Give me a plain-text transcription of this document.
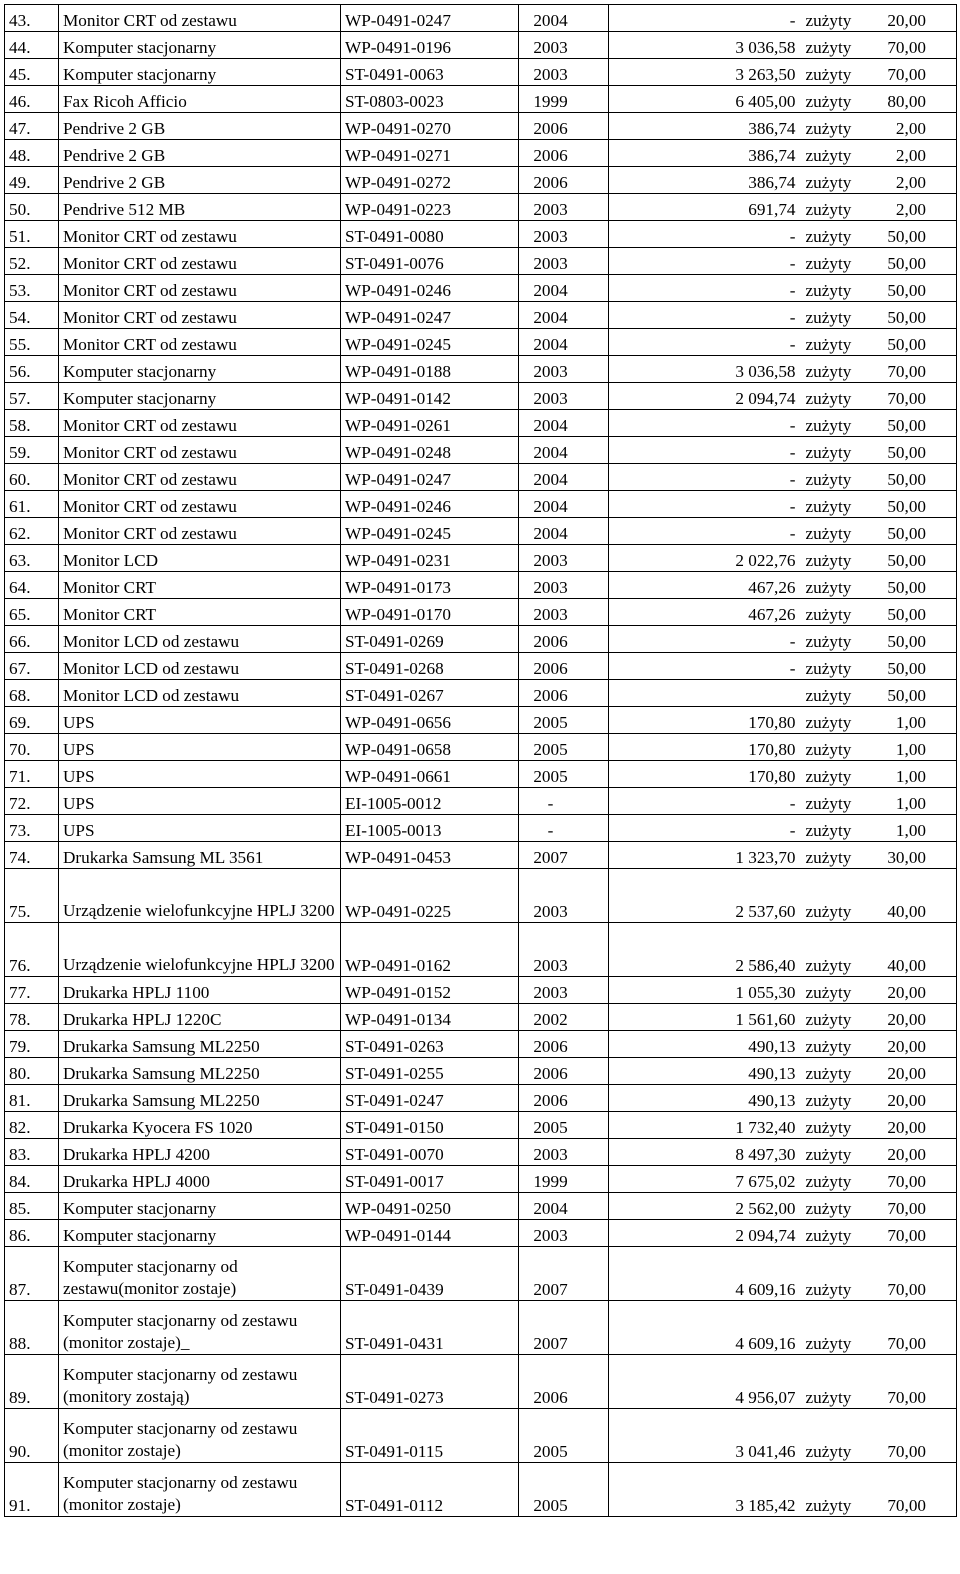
43.	Monitor CRT od zestawu	WP-0491-0247	2004	-	zużyty	20,00
44.	Komputer stacjonarny	WP-0491-0196	2003	3 036,58	zużyty	70,00
45.	Komputer stacjonarny	ST-0491-0063	2003	3 263,50	zużyty	70,00
46.	Fax Ricoh Afficio	ST-0803-0023	1999	6 405,00	zużyty	80,00
47.	Pendrive 2 GB	WP-0491-0270	2006	386,74	zużyty	2,00
48.	Pendrive 2 GB	WP-0491-0271	2006	386,74	zużyty	2,00
49.	Pendrive 2 GB	WP-0491-0272	2006	386,74	zużyty	2,00
50.	Pendrive 512 MB	WP-0491-0223	2003	691,74	zużyty	2,00
51.	Monitor CRT od zestawu	ST-0491-0080	2003	-	zużyty	50,00
52.	Monitor CRT od zestawu	ST-0491-0076	2003	-	zużyty	50,00
53.	Monitor CRT od zestawu	WP-0491-0246	2004	-	zużyty	50,00
54.	Monitor CRT od zestawu	WP-0491-0247	2004	-	zużyty	50,00
55.	Monitor CRT od zestawu	WP-0491-0245	2004	-	zużyty	50,00
56.	Komputer stacjonarny	WP-0491-0188	2003	3 036,58	zużyty	70,00
57.	Komputer stacjonarny	WP-0491-0142	2003	2 094,74	zużyty	70,00
58.	Monitor CRT od zestawu	WP-0491-0261	2004	-	zużyty	50,00
59.	Monitor CRT od zestawu	WP-0491-0248	2004	-	zużyty	50,00
60.	Monitor CRT od zestawu	WP-0491-0247	2004	-	zużyty	50,00
61.	Monitor CRT od zestawu	WP-0491-0246	2004	-	zużyty	50,00
62.	Monitor CRT od zestawu	WP-0491-0245	2004	-	zużyty	50,00
63.	Monitor LCD	WP-0491-0231	2003	2 022,76	zużyty	50,00
64.	Monitor CRT	WP-0491-0173	2003	467,26	zużyty	50,00
65.	Monitor CRT	WP-0491-0170	2003	467,26	zużyty	50,00
66.	Monitor LCD od zestawu	ST-0491-0269	2006	-	zużyty	50,00
67.	Monitor LCD od zestawu	ST-0491-0268	2006	-	zużyty	50,00
68.	Monitor LCD od zestawu	ST-0491-0267	2006		zużyty	50,00
69.	UPS	WP-0491-0656	2005	170,80	zużyty	1,00
70.	UPS	WP-0491-0658	2005	170,80	zużyty	1,00
71.	UPS	WP-0491-0661	2005	170,80	zużyty	1,00
72.	UPS	EI-1005-0012	-	-	zużyty	1,00
73.	UPS	EI-1005-0013	-	-	zużyty	1,00
74.	Drukarka Samsung ML 3561	WP-0491-0453	2007	1 323,70	zużyty	30,00
75.	Urządzenie wielofunkcyjne HPLJ 3200	WP-0491-0225	2003	2 537,60	zużyty	40,00
76.	Urządzenie wielofunkcyjne HPLJ 3200	WP-0491-0162	2003	2 586,40	zużyty	40,00
77.	Drukarka HPLJ 1100	WP-0491-0152	2003	1 055,30	zużyty	20,00
78.	Drukarka HPLJ 1220C	WP-0491-0134	2002	1 561,60	zużyty	20,00
79.	Drukarka Samsung ML2250	ST-0491-0263	2006	490,13	zużyty	20,00
80.	Drukarka Samsung ML2250	ST-0491-0255	2006	490,13	zużyty	20,00
81.	Drukarka Samsung ML2250	ST-0491-0247	2006	490,13	zużyty	20,00
82.	Drukarka Kyocera FS 1020	ST-0491-0150	2005	1 732,40	zużyty	20,00
83.	Drukarka HPLJ 4200	ST-0491-0070	2003	8 497,30	zużyty	20,00
84.	Drukarka HPLJ 4000	ST-0491-0017	1999	7 675,02	zużyty	70,00
85.	Komputer stacjonarny	WP-0491-0250	2004	2 562,00	zużyty	70,00
86.	Komputer stacjonarny	WP-0491-0144	2003	2 094,74	zużyty	70,00
87.	Komputer stacjonarny od zestawu(monitor zostaje)	ST-0491-0439	2007	4 609,16	zużyty	70,00
88.	Komputer stacjonarny od zestawu (monitor zostaje)_	ST-0491-0431	2007	4 609,16	zużyty	70,00
89.	Komputer stacjonarny od zestawu (monitory zostają)	ST-0491-0273	2006	4 956,07	zużyty	70,00
90.	Komputer stacjonarny od zestawu (monitor zostaje)	ST-0491-0115	2005	3 041,46	zużyty	70,00
91.	Komputer stacjonarny od zestawu (monitor zostaje)	ST-0491-0112	2005	3 185,42	zużyty	70,00
